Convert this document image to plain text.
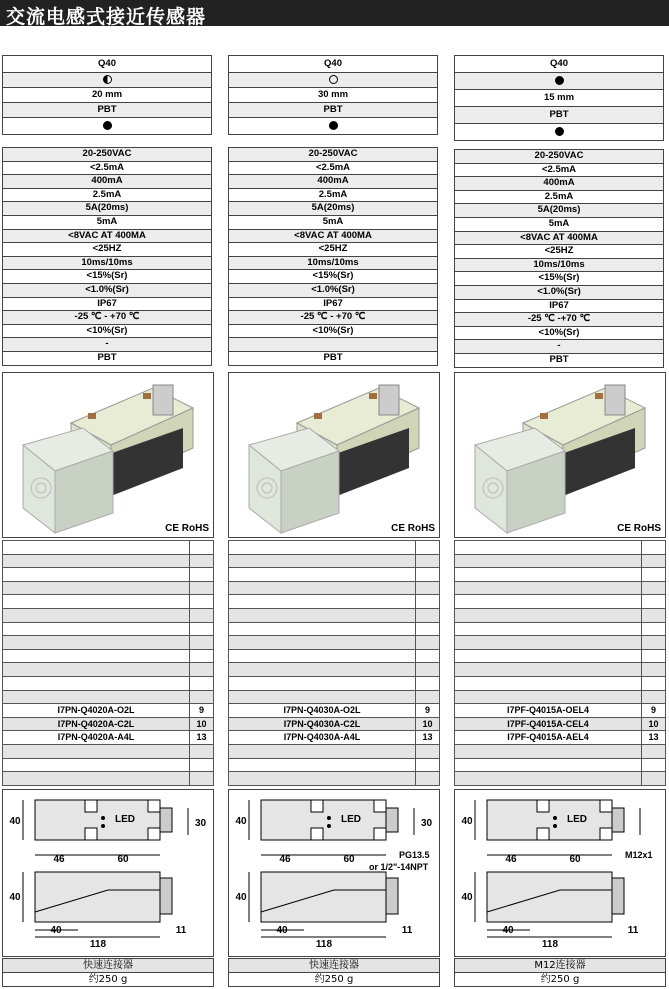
交流电感式接近传感器
Q40
20 mm
PBT
20-250VAC
<2.5mA
400mA
2.5mA
5A(20ms)
5mA
<8VAC AT 400MA
<25HZ
10ms/10ms
<15%(Sr)
<1.0%(Sr)
IP67
-25 ℃ - +70 ℃
<10%(Sr)
-
PBT
CE RoHS
I7PN-Q4020A-O2L	9
I7PN-Q4020A-C2L	10
I7PN-Q4020A-A4L	13
40	30
LED
46	60
40
40
118
11
快速连接器
约250 g
Q40
30 mm
PBT
20-250VAC
<2.5mA
400mA
2.5mA
5A(20ms)
5mA
<8VAC AT 400MA
<25HZ
10ms/10ms
<15%(Sr)
<1.0%(Sr)
IP67
-25 ℃ - +70 ℃
<10%(Sr)
PBT
CE RoHS
I7PN-Q4030A-O2L	9
I7PN-Q4030A-C2L	10
I7PN-Q4030A-A4L	13
40	30
LED
46	60
40
40
118
11
PG13.5
or 1/2"-14NPT
快速连接器
约250 g
Q40
15 mm
PBT
20-250VAC
<2.5mA
400mA
2.5mA
5A(20ms)
5mA
<8VAC AT 400MA
<25HZ
10ms/10ms
<15%(Sr)
<1.0%(Sr)
IP67
-25 ℃ -+70 ℃
<10%(Sr)
-
PBT
CE RoHS
I7PF-Q4015A-OEL4	9
I7PF-Q4015A-CEL4	10
I7PF-Q4015A-AEL4	13
40	LED
46	60
40
40
118
11
M12x1
M12连接器
约250 g
